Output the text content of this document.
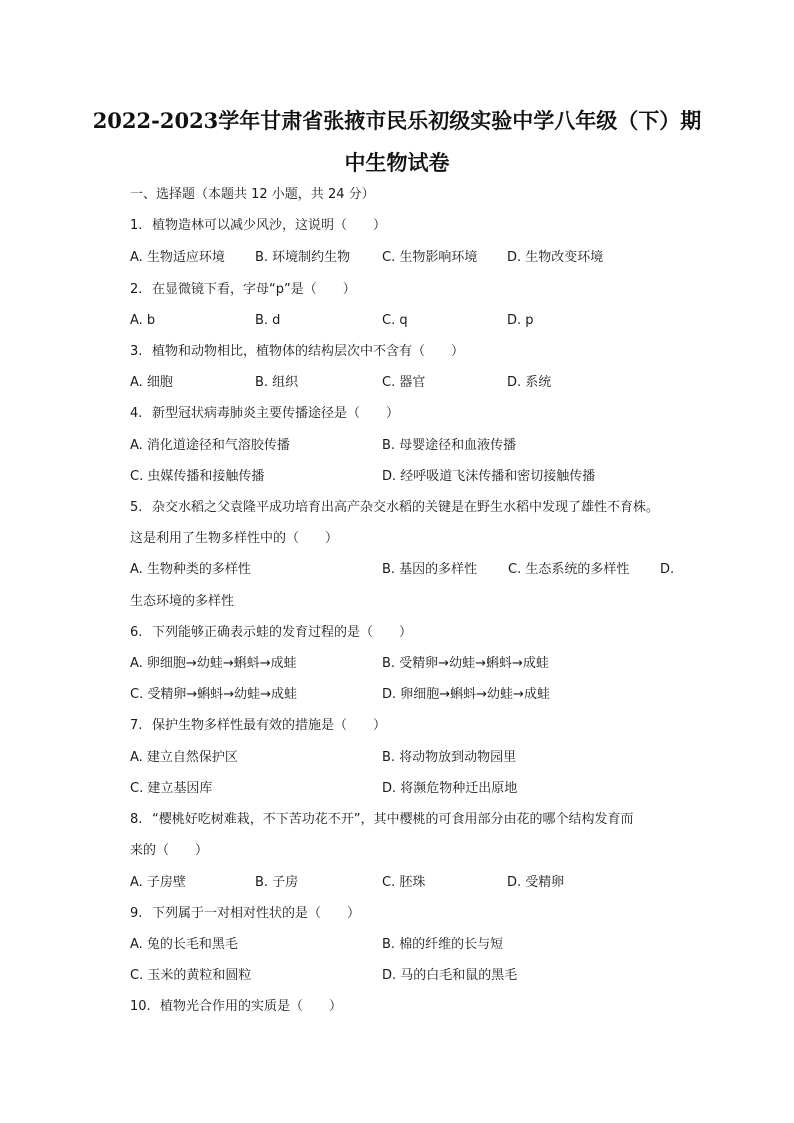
2022-2023学年甘肃省张掖市民乐初级实验中学八年级（下）期
中生物试卷
一、选择题（本题共 12 小题，共 24 分）
1. 植物造林可以减少风沙，这说明（　　）
A. 生物适应环境 B. 环境制约生物 C. 生物影响环境 D. 生物改变环境
2. 在显微镜下看，字母“p”是（　　）
A. b	B. d	C. q	D. p
3. 植物和动物相比，植物体的结构层次中不含有（　　）
A. 细胞	B. 组织	C. 器官	D. 系统
4. 新型冠状病毒肺炎主要传播途径是（　　）
A. 消化道途径和气溶胶传播	B. 母婴途径和血液传播
C. 虫媒传播和接触传播	D. 经呼吸道飞沫传播和密切接触传播
5. 杂交水稻之父袁隆平成功培育出高产杂交水稻的关键是在野生水稻中发现了雄性不育株。
这是利用了生物多样性中的（　　）
A. 生物种类的多样性	B. 基因的多样性 C. 生态系统的多样性 D.
生态环境的多样性
6. 下列能够正确表示蛙的发育过程的是（　　）
A. 卵细胞→幼蛙→蝌蚪→成蛙	B. 受精卵→幼蛙→蝌蚪→成蛙
C. 受精卵→蝌蚪→幼蛙→成蛙	D. 卵细胞→蝌蚪→幼蛙→成蛙
7. 保护生物多样性最有效的措施是（　　）
A. 建立自然保护区	B. 将动物放到动物园里
C. 建立基因库	D. 将濒危物种迁出原地
8. “樱桃好吃树难栽，不下苦功花不开”，其中樱桃的可食用部分由花的哪个结构发育而
来的（　　）
A. 子房壁	B. 子房	C. 胚珠	D. 受精卵
9. 下列属于一对相对性状的是（　　）
A. 兔的长毛和黑毛	B. 棉的纤维的长与短
C. 玉米的黄粒和圆粒	D. 马的白毛和鼠的黑毛
10. 植物光合作用的实质是（　　）
